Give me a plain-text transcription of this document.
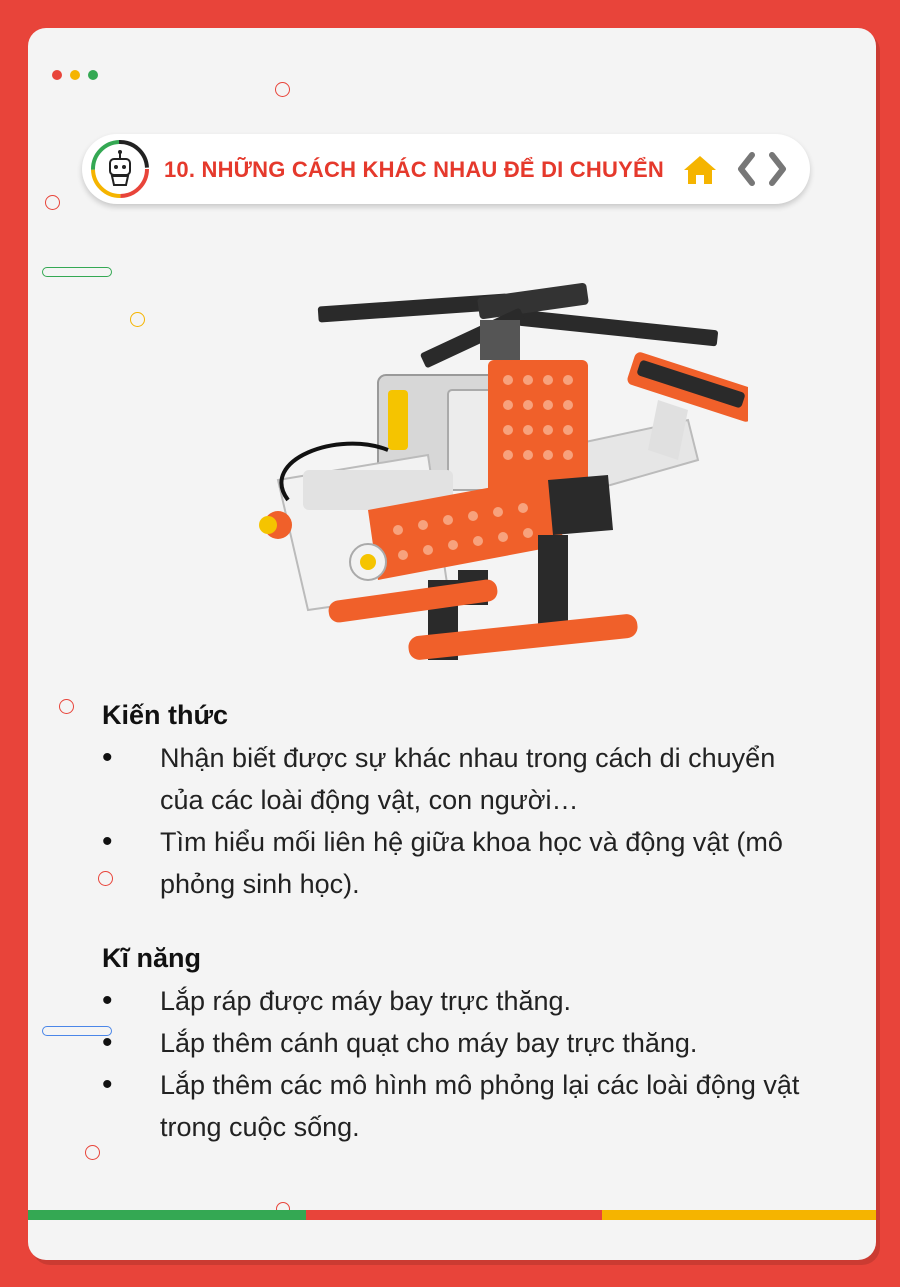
10. NHỮNG CÁCH KHÁC NHAU ĐỂ DI CHUYỂN
Kiến thức
• Nhận biết được sự khác nhau trong cách di chuyển của các loài động vật, con người…
• Tìm hiểu mối liên hệ giữa khoa học và động vật (mô phỏng sinh học).
Kĩ năng
• Lắp ráp được máy bay trực thăng.
• Lắp thêm cánh quạt cho máy bay trực thăng.
• Lắp thêm các mô hình mô phỏng lại các loài động vật trong cuộc sống.
